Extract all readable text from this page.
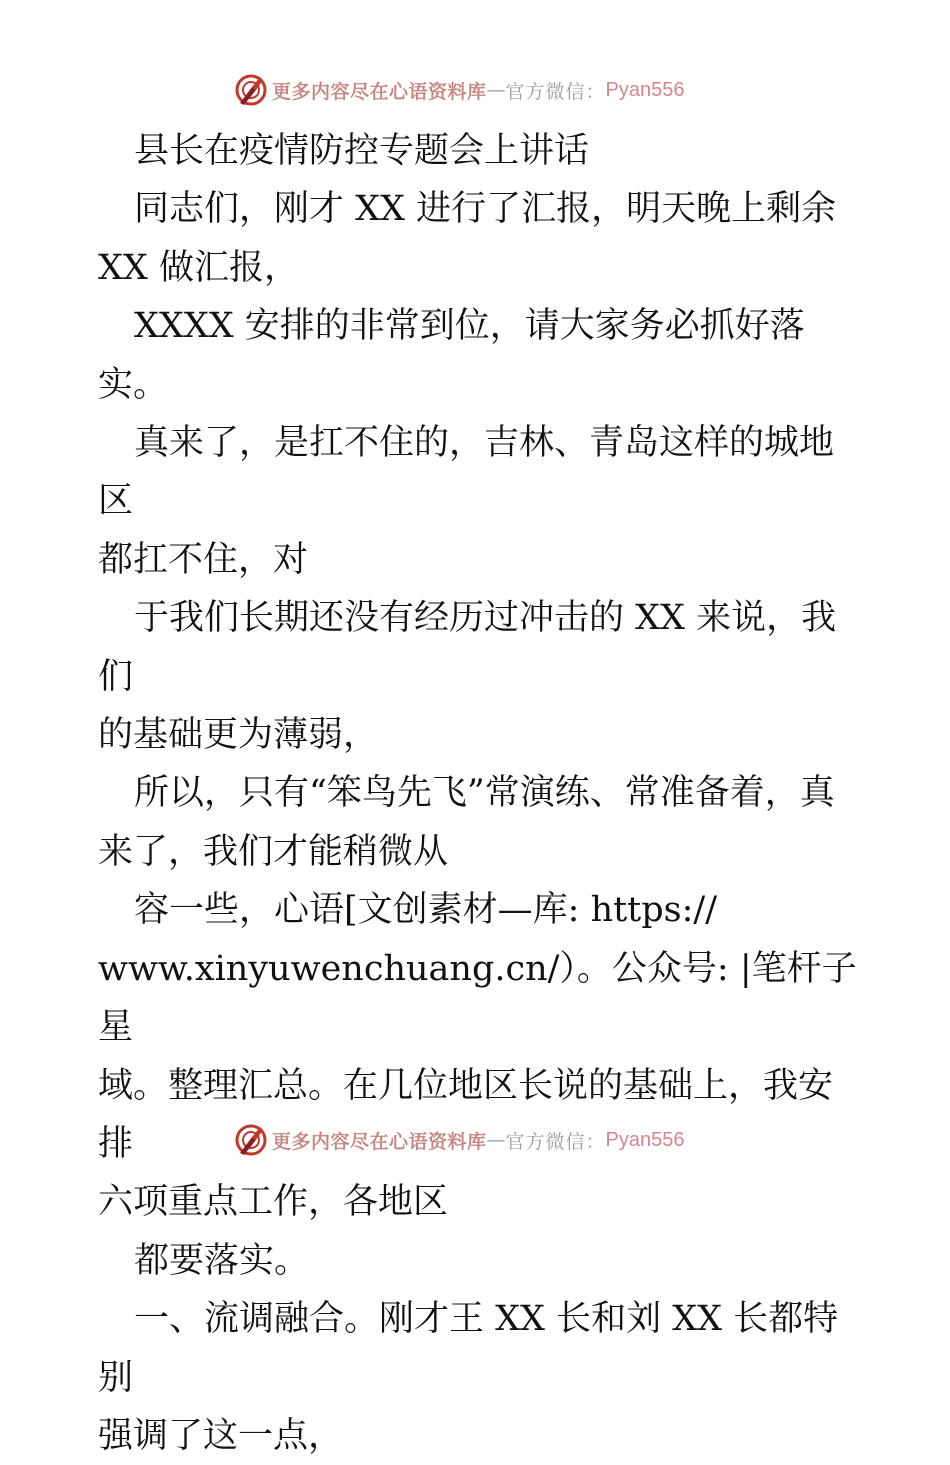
更多内容尽在心语资料库 — 官方微信： Pyan556

县长在疫情防控专题会上讲话

同志们，刚才 XX 进行了汇报，明天晚上剩余

XX 做汇报，

XXXX 安排的非常到位，请大家务必抓好落实。

真来了，是扛不住的，吉林、青岛这样的城地区

都扛不住，对

于我们长期还没有经历过冲击的 XX 来说，我们

的基础更为薄弱，

所以，只有“笨鸟先飞”常演练、常准备着，真

来了，我们才能稍微从

容一些，心语[文创素材—库: https://

www.xinyuwenchuang.cn/）。公众号: |笔杆子星

域。整理汇总。在几位地区长说的基础上，我安排

六项重点工作，各地区

都要落实。

一、流调融合。刚才王 XX 长和刘 XX 长都特别

强调了这一点，

更多内容尽在心语资料库 — 官方微信： Pyan556
